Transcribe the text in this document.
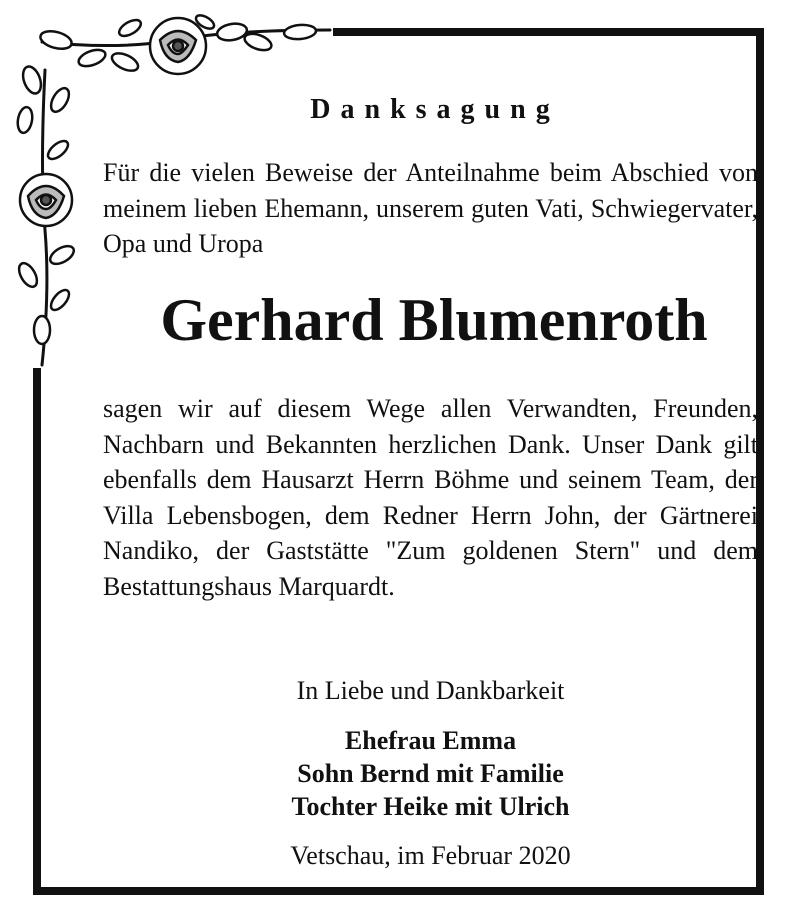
Danksagung
Für die vielen Beweise der Anteilnahme beim Abschied von meinem lieben Ehemann, unserem guten Vati, Schwiegervater, Opa und Uropa
Gerhard Blumenroth
sagen wir auf diesem Wege allen Verwandten, Freunden, Nachbarn und Bekannten herzlichen Dank. Unser Dank gilt ebenfalls dem Hausarzt Herrn Böhme und seinem Team, der Villa Lebensbogen, dem Redner Herrn John, der Gärtnerei Nandiko, der Gaststätte "Zum goldenen Stern" und dem Bestattungshaus Marquardt.
In Liebe und Dankbarkeit
Ehefrau Emma
Sohn Bernd mit Familie
Tochter Heike mit Ulrich
Vetschau, im Februar 2020
